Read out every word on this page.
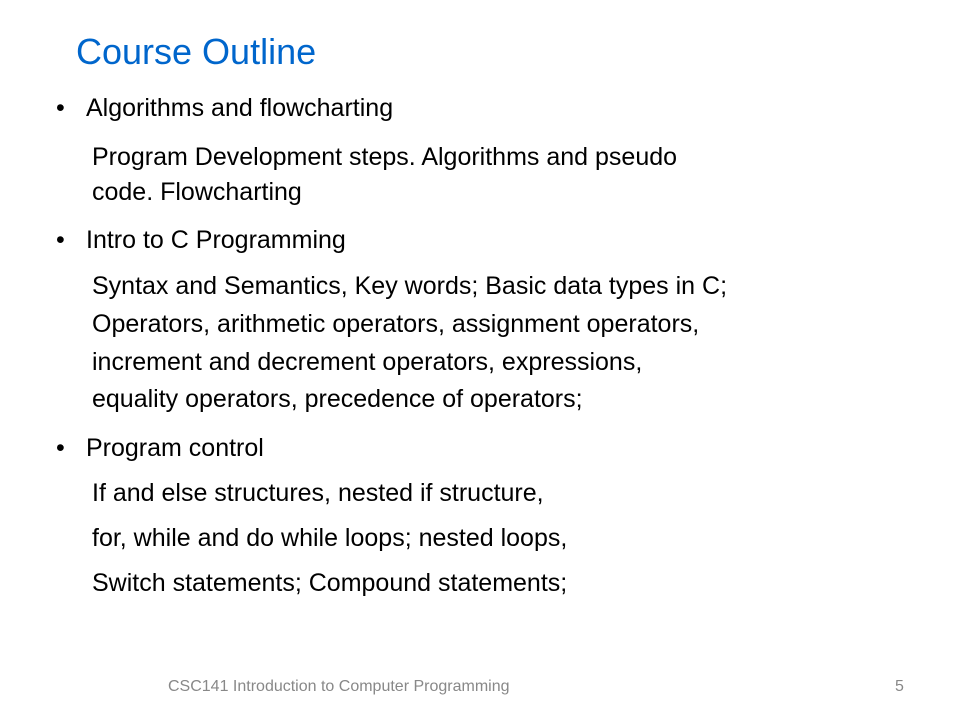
Course Outline
• Algorithms and flowcharting
Program Development steps. Algorithms and pseudo
code. Flowcharting
• Intro to C Programming
Syntax and Semantics, Key words; Basic data types in C;
Operators, arithmetic operators, assignment operators,
increment and decrement operators, expressions,
equality operators, precedence of operators;
• Program control
If and else structures, nested if structure,
for, while and do while loops; nested loops,
Switch statements; Compound statements;
CSC141 Introduction to Computer Programming	5
